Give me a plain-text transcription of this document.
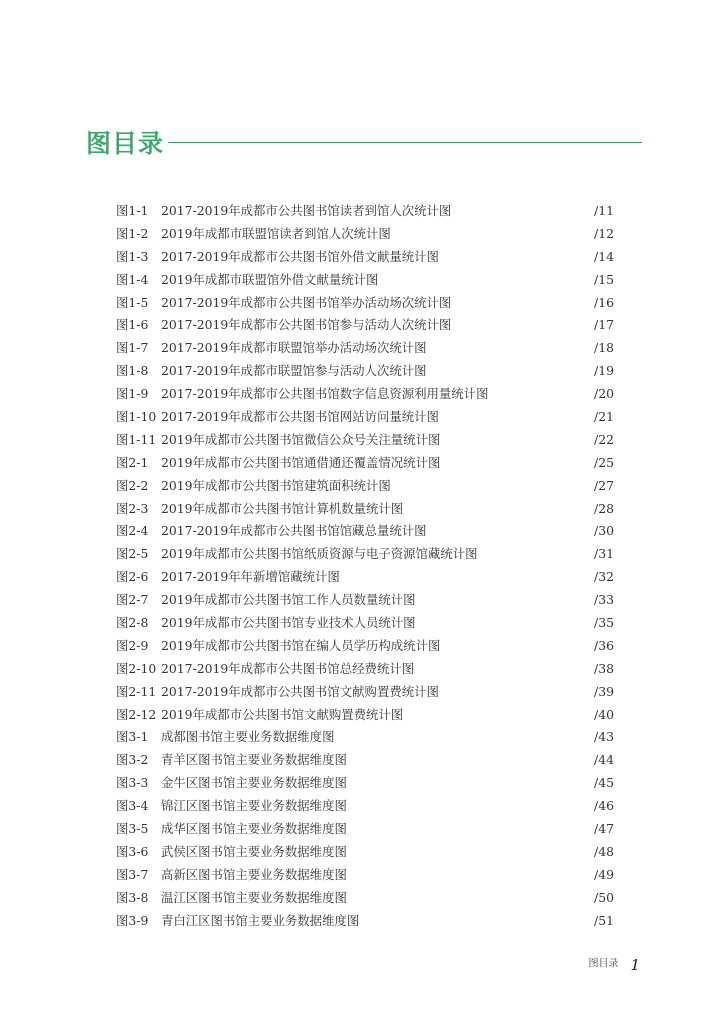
图目录
图1-1 2017-2019年成都市公共图书馆读者到馆人次统计图	/11
图1-2 2019年成都市联盟馆读者到馆人次统计图	/12
图1-3 2017-2019年成都市公共图书馆外借文献量统计图	/14
图1-4 2019年成都市联盟馆外借文献量统计图	/15
图1-5 2017-2019年成都市公共图书馆举办活动场次统计图	/16
图1-6 2017-2019年成都市公共图书馆参与活动人次统计图	/17
图1-7 2017-2019年成都市联盟馆举办活动场次统计图	/18
图1-8 2017-2019年成都市联盟馆参与活动人次统计图	/19
图1-9 2017-2019年成都市公共图书馆数字信息资源利用量统计图	/20
图1-10 2017-2019年成都市公共图书馆网站访问量统计图	/21
图1-11 2019年成都市公共图书馆微信公众号关注量统计图	/22
图2-1 2019年成都市公共图书馆通借通还覆盖情况统计图	/25
图2-2 2019年成都市公共图书馆建筑面积统计图	/27
图2-3 2019年成都市公共图书馆计算机数量统计图	/28
图2-4 2017-2019年成都市公共图书馆馆藏总量统计图	/30
图2-5 2019年成都市公共图书馆纸质资源与电子资源馆藏统计图	/31
图2-6 2017-2019年年新增馆藏统计图	/32
图2-7 2019年成都市公共图书馆工作人员数量统计图	/33
图2-8 2019年成都市公共图书馆专业技术人员统计图	/35
图2-9 2019年成都市公共图书馆在编人员学历构成统计图	/36
图2-10 2017-2019年成都市公共图书馆总经费统计图	/38
图2-11 2017-2019年成都市公共图书馆文献购置费统计图	/39
图2-12 2019年成都市公共图书馆文献购置费统计图	/40
图3-1 成都图书馆主要业务数据维度图	/43
图3-2 青羊区图书馆主要业务数据维度图	/44
图3-3 金牛区图书馆主要业务数据维度图	/45
图3-4 锦江区图书馆主要业务数据维度图	/46
图3-5 成华区图书馆主要业务数据维度图	/47
图3-6 武侯区图书馆主要业务数据维度图	/48
图3-7 高新区图书馆主要业务数据维度图	/49
图3-8 温江区图书馆主要业务数据维度图	/50
图3-9 青白江区图书馆主要业务数据维度图	/51
图目录 1
